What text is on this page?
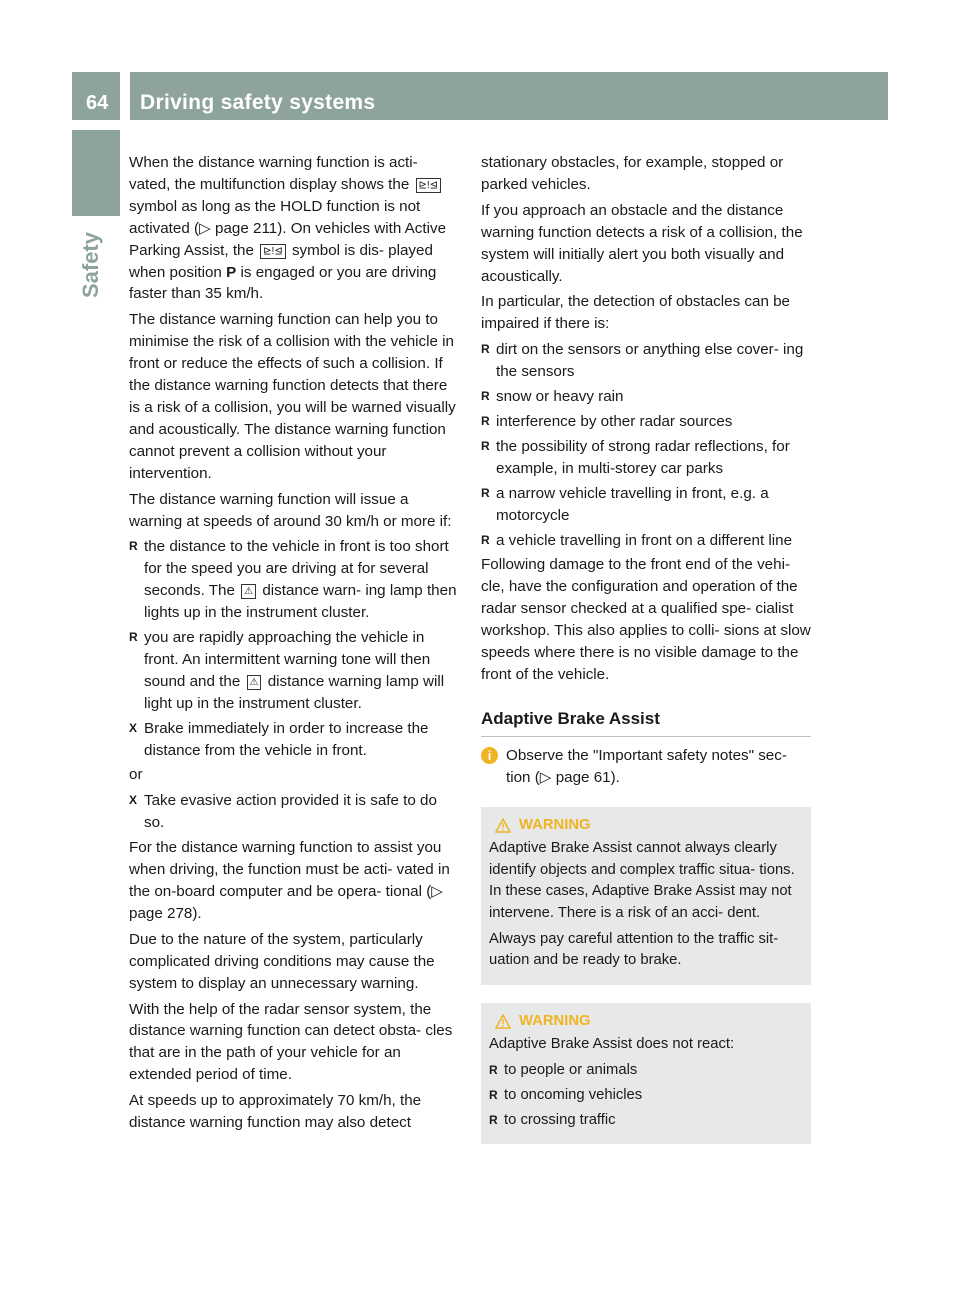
64 Driving safety systems
Safety

When the distance warning function is acti- vated, the multifunction display shows the ⊵!⊴ symbol as long as the HOLD function is not activated (▷ page 211). On vehicles with Active Parking Assist, the ⊵!⊴ symbol is dis- played when position P is engaged or you are driving faster than 35 km/h.

The distance warning function can help you to minimise the risk of a collision with the vehicle in front or reduce the effects of such a collision. If the distance warning function detects that there is a risk of a collision, you will be warned visually and acoustically. The distance warning function cannot prevent a collision without your intervention.

The distance warning function will issue a warning at speeds of around 30 km/h or more if:

R the distance to the vehicle in front is too short for the speed you are driving at for several seconds. The ⚠ distance warn- ing lamp then lights up in the instrument cluster.
R you are rapidly approaching the vehicle in front. An intermittent warning tone will then sound and the ⚠ distance warning lamp will light up in the instrument cluster.
X Brake immediately in order to increase the distance from the vehicle in front.

or

X Take evasive action provided it is safe to do so.

For the distance warning function to assist you when driving, the function must be acti- vated in the on-board computer and be opera- tional (▷ page 278).

Due to the nature of the system, particularly complicated driving conditions may cause the system to display an unnecessary warning.

With the help of the radar sensor system, the distance warning function can detect obsta- cles that are in the path of your vehicle for an extended period of time.

At speeds up to approximately 70 km/h, the distance warning function may also detect

stationary obstacles, for example, stopped or parked vehicles.

If you approach an obstacle and the distance warning function detects a risk of a collision, the system will initially alert you both visually and acoustically.

In particular, the detection of obstacles can be impaired if there is:

R dirt on the sensors or anything else cover- ing the sensors
R snow or heavy rain
R interference by other radar sources
R the possibility of strong radar reflections, for example, in multi-storey car parks
R a narrow vehicle travelling in front, e.g. a motorcycle
R a vehicle travelling in front on a different line

Following damage to the front end of the vehi- cle, have the configuration and operation of the radar sensor checked at a qualified spe- cialist workshop. This also applies to colli- sions at slow speeds where there is no visible damage to the front of the vehicle.

Adaptive Brake Assist
i Observe the "Important safety notes" sec- tion (▷ page 61).
WARNING

Adaptive Brake Assist cannot always clearly identify objects and complex traffic situa- tions. In these cases, Adaptive Brake Assist may not intervene. There is a risk of an acci- dent.

Always pay careful attention to the traffic sit- uation and be ready to brake.

WARNING

Adaptive Brake Assist does not react:

R to people or animals
R to oncoming vehicles
R to crossing traffic
